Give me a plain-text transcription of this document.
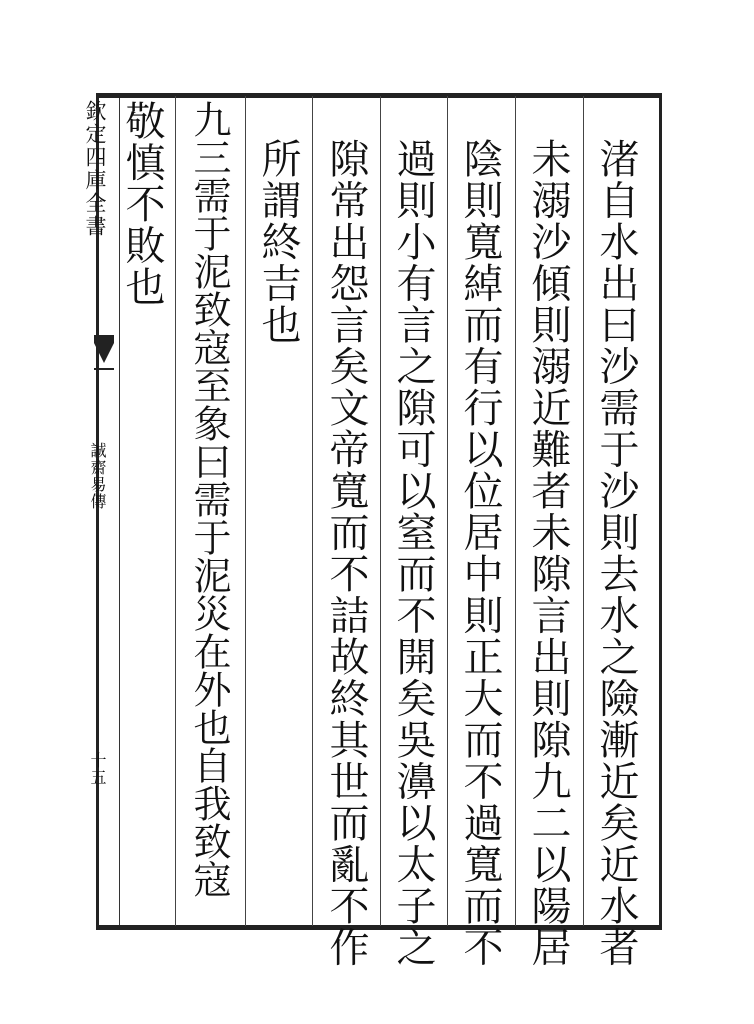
欽定四庫全書
誠齋易傳
十五	渚自水出曰沙需于沙則去水之險漸近矣近水者
未溺沙傾則溺近難者未隙言出則隙九二以陽居
陰則寬綽而有行以位居中則正大而不過寬而不
過則小有言之隙可以窒而不開矣吳濞以太子之
隙常出怨言矣文帝寬而不詰故終其世而亂不作
所謂終吉也
九三需于泥致寇至象曰需于泥災在外也自我致寇
敬慎不敗也
